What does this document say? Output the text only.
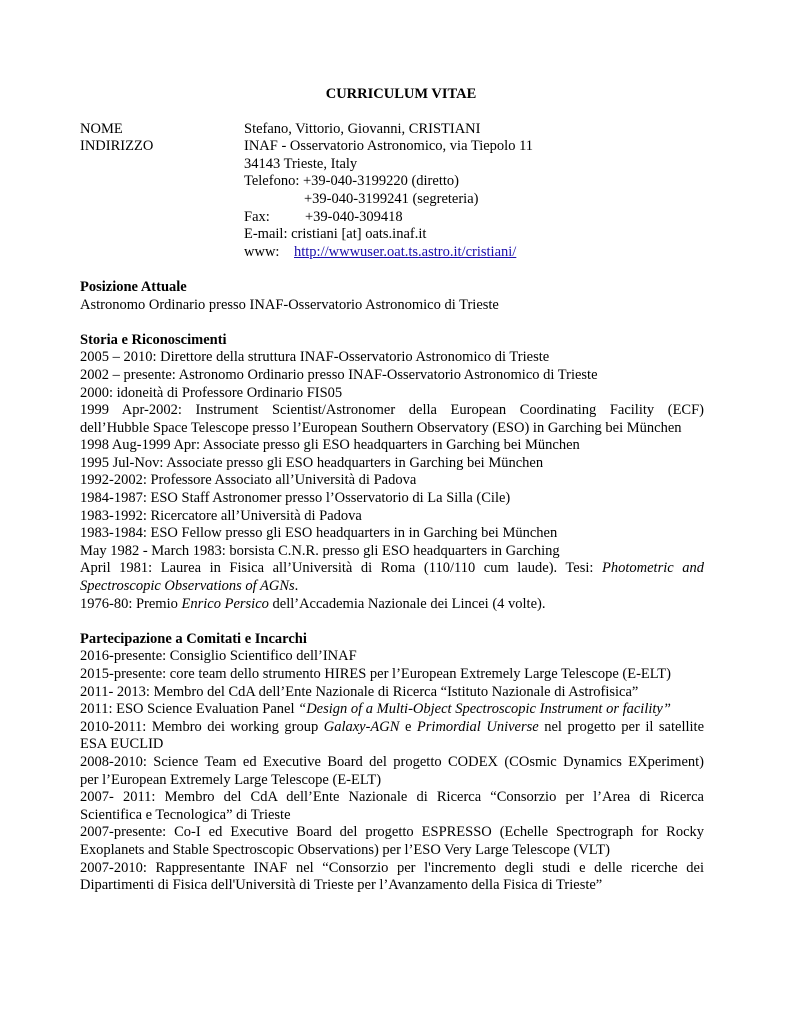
CURRICULUM VITAE
NOME	Stefano, Vittorio, Giovanni, CRISTIANI
INDIRIZZO	INAF - Osservatorio Astronomico, via Tiepolo 11
34143 Trieste, Italy
Telefono: +39-040-3199220 (diretto)
+39-040-3199241 (segreteria)
Fax: +39-040-309418
E-mail: cristiani [at] oats.inaf.it
www: http://wwwuser.oat.ts.astro.it/cristiani/
Posizione Attuale
Astronomo Ordinario presso INAF-Osservatorio Astronomico di Trieste
Storia e Riconoscimenti

2005 – 2010: Direttore della struttura INAF-Osservatorio Astronomico di Trieste

2002 – presente: Astronomo Ordinario presso INAF-Osservatorio Astronomico di Trieste

2000: idoneità di Professore Ordinario FIS05

1999 Apr-2002: Instrument Scientist/Astronomer della European Coordinating Facility (ECF)

dell’Hubble Space Telescope presso l’European Southern Observatory (ESO) in Garching bei München

1998 Aug-1999 Apr: Associate presso gli ESO headquarters in Garching bei München

1995 Jul-Nov: Associate presso gli ESO headquarters in Garching bei München

1992-2002: Professore Associato all’Università di Padova

1984-1987: ESO Staff Astronomer presso l’Osservatorio di La Silla (Cile)

1983-1992: Ricercatore all’Università di Padova

1983-1984: ESO Fellow presso gli ESO headquarters in in Garching bei München

May 1982 - March 1983: borsista C.N.R. presso gli ESO headquarters in Garching

April 1981: Laurea in Fisica all’Università di Roma (110/110 cum laude). Tesi: Photometric and

Spectroscopic Observations of AGNs.

1976-80: Premio Enrico Persico dell’Accademia Nazionale dei Lincei (4 volte).

Partecipazione a Comitati e Incarchi

2016-presente: Consiglio Scientifico dell’INAF

2015-presente: core team dello strumento HIRES per l’European Extremely Large Telescope (E-ELT)

2011- 2013: Membro del CdA dell’Ente Nazionale di Ricerca “Istituto Nazionale di Astrofisica”

2011: ESO Science Evaluation Panel “Design of a Multi-Object Spectroscopic Instrument or facility”

2010-2011: Membro dei working group Galaxy-AGN e Primordial Universe nel progetto per il satellite

ESA EUCLID

2008-2010: Science Team ed Executive Board del progetto CODEX (COsmic Dynamics EXperiment)

per l’European Extremely Large Telescope (E-ELT)

2007- 2011: Membro del CdA dell’Ente Nazionale di Ricerca “Consorzio per l’Area di Ricerca

Scientifica e Tecnologica” di Trieste

2007-presente: Co-I ed Executive Board del progetto ESPRESSO (Echelle Spectrograph for Rocky

Exoplanets and Stable Spectroscopic Observations) per l’ESO Very Large Telescope (VLT)

2007-2010: Rappresentante INAF nel “Consorzio per l'incremento degli studi e delle ricerche dei

Dipartimenti di Fisica dell'Università di Trieste per l’Avanzamento della Fisica di Trieste”
